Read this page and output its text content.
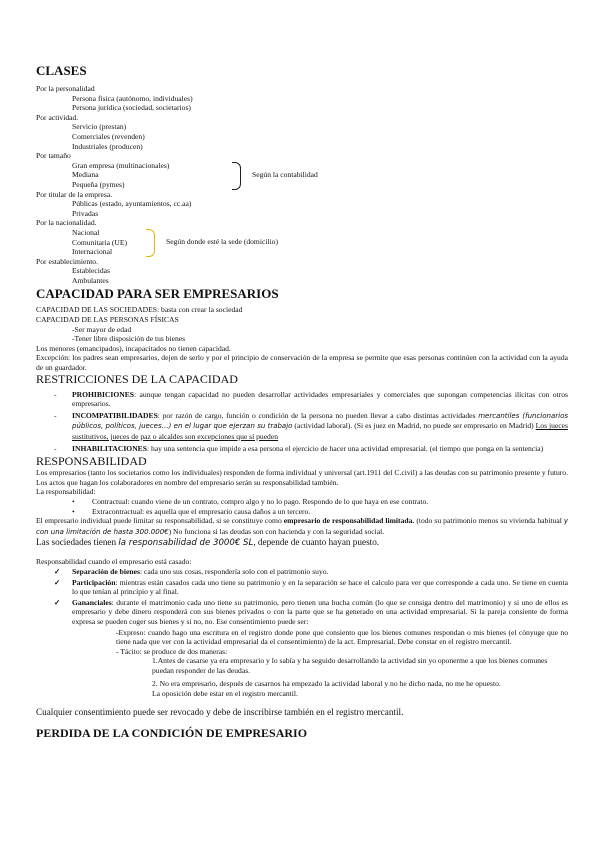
CLASES
Por la personalidad
Persona física (autónomo, individuales)
Persona jurídica (sociedad, societarios)
Por actividad.
Servicio (prestan)
Comerciales (revenden)
Industriales (producen)
Por tamaño
Gran empresa (multinacionales)
Mediana
Pequeña (pymes)
Según la contabilidad
Por titular de la empresa.
Públicas (estado, ayuntamientos, cc.aa)
Privadas
Por la nacionalidad.
Nacional
Comunitaria (UE)
Internacional
Según donde esté la sede (domicilio)
Por establecimiento.
Establecidas
Ambulantes
CAPACIDAD PARA SER EMPRESARIOS
CAPACIDAD DE LAS SOCIEDADES: basta con crear la sociedad
CAPACIDAD DE LAS PERSONAS FÍSICAS
-Ser mayor de edad
-Tener libre disposición de tus bienes
Los menores (emancipados), incapacitados no tienen capacidad.

Excepción: los padres sean empresarios, dejen de serlo y por el principio de conservación de la empresa se permite que esas personas continúen con la actividad con la ayuda de un guardador.

RESTRICCIONES DE LA CAPACIDAD
- PROHIBICIONES: aunque tengan capacidad no pueden desarrollar actividades empresariales y comerciales que supongan competencias ilícitas con otros empresarios.
- INCOMPATIBILIDADES: por razón de cargo, función o condición de la persona no pueden llevar a cabo distintas actividades mercantiles (funcionarios públicos, políticos, jueces…) en el lugar que ejerzan su trabajo (actividad laboral). (Si es juez en Madrid, no puede ser empresario en Madrid) Los jueces sustitutivos, jueces de paz o alcaldes son excepciones que sí pueden
- INHABILITACIONES: hay una sentencia que impide a esa persona el ejercicio de hacer una actividad empresarial. (el tiempo que ponga en la sentencia)
RESPONSABILIDAD

Los empresarios (tanto los societarios como los individuales) responden de forma individual y universal (art.1911 del C.civil) a las deudas con su patrimonio presente y futuro. Los actos que hagan los colaboradores en nombre del empresario serán su responsabilidad también.

La responsabilidad:
• Contractual: cuando viene de un contrato, compro algo y no lo pago. Respondo de lo que haya en ese contrato.
• Extracontractual: es aquella que el empresario causa daños a un tercero.

El empresario individual puede limitar su responsabilidad, si se constituye como empresario de responsabilidad limitada. (todo su patrimonio menos su vivienda habitual y con una limitación de hasta 300.000€) No funciona si las deudas son con hacienda y con la seguridad social.

Las sociedades tienen la responsabilidad de 3000€ SL, depende de cuanto hayan puesto.

Responsabilidad cuando el empresario está casado:
✓ Separación de bienes: cada uno sus cosas, respondería solo con el patrimonio suyo.
✓ Participación: mientras están casados cada uno tiene su patrimonio y en la separación se hace el calculo para ver que corresponde a cada uno. Se tiene en cuenta lo que tenían al principio y al final.
✓ Gananciales: durante el matrimonio cada uno tiene su patrimonio, pero tienen una hucha común (lo que se consiga dentro del matrimonio) y si uno de ellos es empresario y debe dinero responderá con sus bienes privados o con la parte que se ha generado en una actividad empresarial. Si la pareja consiente de forma expresa se pueden coger sus bienes y si no, no. Ese consentimiento puede ser:

-Expreso: cuando hago una escritura en el registro donde pone que consiento que los bienes comunes respondan o mis bienes (el cónyuge que no tiene nada que ver con la actividad empresarial da el consentimiento) de la act. Empresarial. Debe constar en el registro mercantil.

- Tácito: se produce de dos maneras:

1.Antes de casarse ya era empresario y lo sabía y ha seguido desarrollando la actividad sin yo oponerme a que los bienes comunes puedan responder de las deudas.

2. No era empresario, después de casarnos ha empezado la actividad laboral y no he dicho nada, no me he opuesto.

La oposición debe estar en el registro mercantil.

Cualquier consentimiento puede ser revocado y debe de inscribirse también en el registro mercantil.

PERDIDA DE LA CONDICIÓN DE EMPRESARIO
